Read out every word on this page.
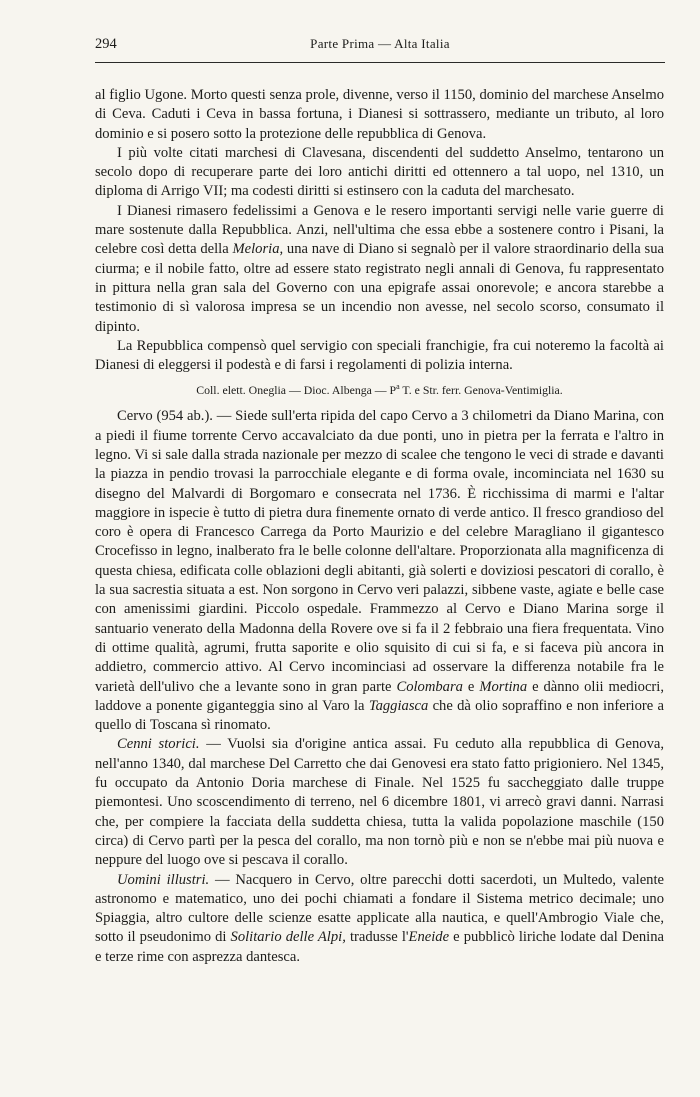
294	Parte Prima — Alta Italia

al figlio Ugone. Morto questi senza prole, divenne, verso il 1150, dominio del marchese Anselmo di Ceva. Caduti i Ceva in bassa fortuna, i Dianesi si sottrassero, mediante un tributo, al loro dominio e si posero sotto la protezione delle repubblica di Genova.

I più volte citati marchesi di Clavesana, discendenti del suddetto Anselmo, tentarono un secolo dopo di recuperare parte dei loro antichi diritti ed ottennero a tal uopo, nel 1310, un diploma di Arrigo VII; ma codesti diritti si estinsero con la caduta del marchesato.

I Dianesi rimasero fedelissimi a Genova e le resero importanti servigi nelle varie guerre di mare sostenute dalla Repubblica. Anzi, nell'ultima che essa ebbe a sostenere contro i Pisani, la celebre così detta della Meloria, una nave di Diano si segnalò per il valore straordinario della sua ciurma; e il nobile fatto, oltre ad essere stato registrato negli annali di Genova, fu rappresentato in pittura nella gran sala del Governo con una epigrafe assai onorevole; e ancora starebbe a testimonio di sì valorosa impresa se un incendio non avesse, nel secolo scorso, consumato il dipinto.

La Repubblica compensò quel servigio con speciali franchigie, fra cui noteremo la facoltà ai Dianesi di eleggersi il podestà e di farsi i regolamenti di polizia interna.

Coll. elett. Oneglia — Dioc. Albenga — $P^a$ T. e Str. ferr. Genova-Ventimiglia.

Cervo (954 ab.). — Siede sull'erta ripida del capo Cervo a 3 chilometri da Diano Marina, con a piedi il fiume torrente Cervo accavalciato da due ponti, uno in pietra per la ferrata e l'altro in legno. Vi si sale dalla strada nazionale per mezzo di scalee che tengono le veci di strade e davanti la piazza in pendio trovasi la parrocchiale elegante e di forma ovale, incominciata nel 1630 su disegno del Malvardi di Borgomaro e consecrata nel 1736. È ricchissima di marmi e l'altar maggiore in ispecie è tutto di pietra dura finemente ornato di verde antico. Il fresco grandioso del coro è opera di Francesco Carrega da Porto Maurizio e del celebre Maragliano il gigantesco Crocefisso in legno, inalberato fra le belle colonne dell'altare. Proporzionata alla magnificenza di questa chiesa, edificata colle oblazioni degli abitanti, già solerti e doviziosi pescatori di corallo, è la sua sacrestia situata a est. Non sorgono in Cervo veri palazzi, sibbene vaste, agiate e belle case con amenissimi giardini. Piccolo ospedale. Frammezzo al Cervo e Diano Marina sorge il santuario venerato della Madonna della Rovere ove si fa il 2 febbraio una fiera frequentata. Vino di ottime qualità, agrumi, frutta saporite e olio squisito di cui si fa, e si faceva più ancora in addietro, commercio attivo. Al Cervo incominciasi ad osservare la differenza notabile fra le varietà dell'ulivo che a levante sono in gran parte Colombara e Mortina e dànno olii mediocri, laddove a ponente giganteggia sino al Varo la Taggiasca che dà olio sopraffino e non inferiore a quello di Toscana sì rinomato.

Cenni storici. — Vuolsi sia d'origine antica assai. Fu ceduto alla repubblica di Genova, nell'anno 1340, dal marchese Del Carretto che dai Genovesi era stato fatto prigioniero. Nel 1345, fu occupato da Antonio Doria marchese di Finale. Nel 1525 fu saccheggiato dalle truppe piemontesi. Uno scoscendimento di terreno, nel 6 dicembre 1801, vi arrecò gravi danni. Narrasi che, per compiere la facciata della suddetta chiesa, tutta la valida popolazione maschile (150 circa) di Cervo partì per la pesca del corallo, ma non tornò più e non se n'ebbe mai più nuova e neppure del luogo ove si pescava il corallo.

Uomini illustri. — Nacquero in Cervo, oltre parecchi dotti sacerdoti, un Multedo, valente astronomo e matematico, uno dei pochi chiamati a fondare il Sistema metrico decimale; uno Spiaggia, altro cultore delle scienze esatte applicate alla nautica, e quell'Ambrogio Viale che, sotto il pseudonimo di Solitario delle Alpi, tradusse l'Eneide e pubblicò liriche lodate dal Denina e terze rime con asprezza dantesca.
